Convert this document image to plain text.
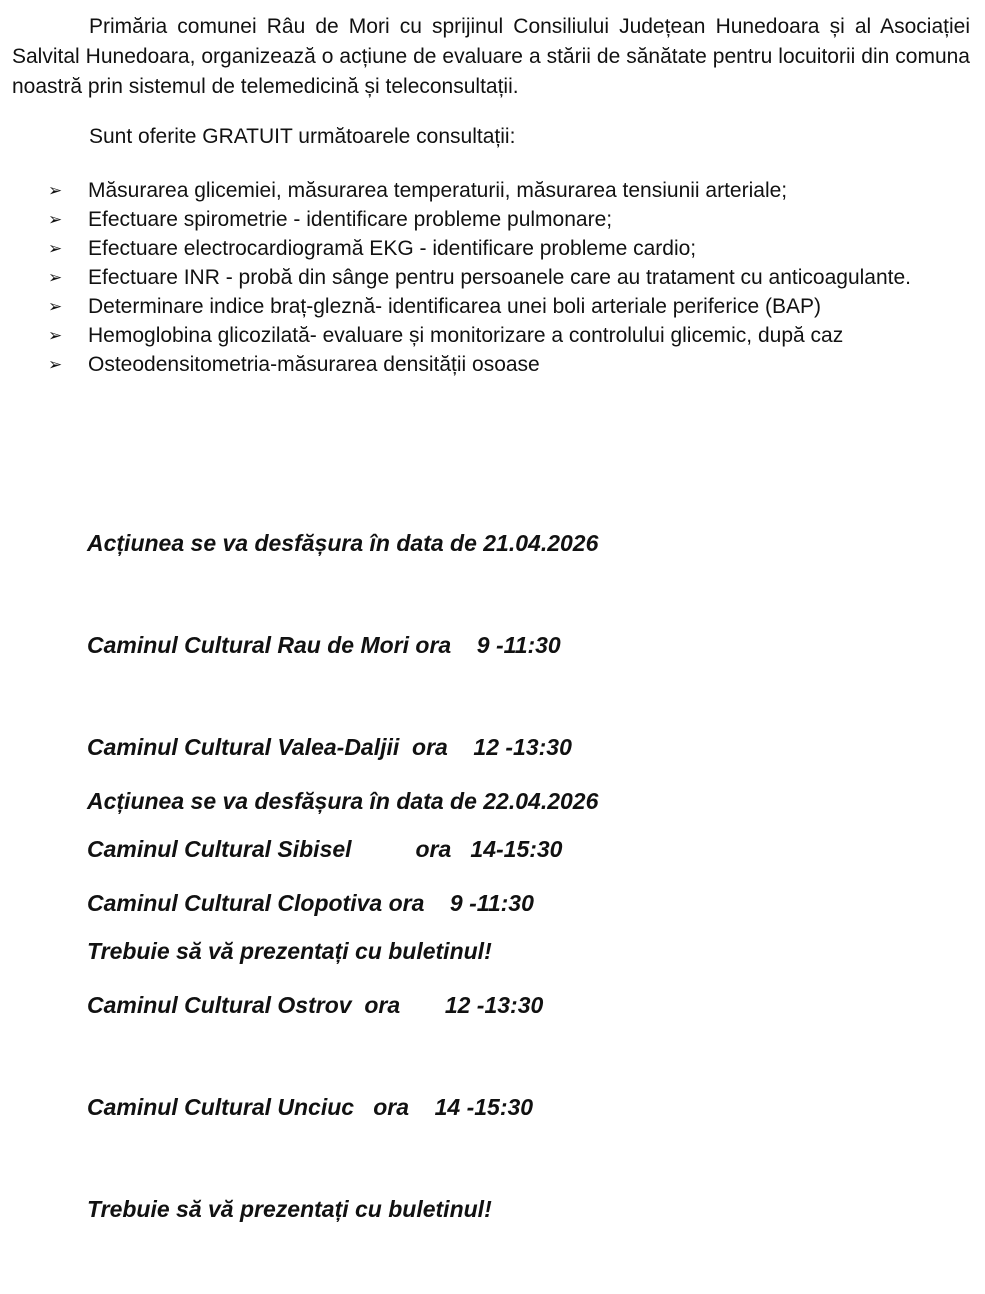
Primăria comunei Râu de Mori cu sprijinul Consiliului Județean Hunedoara și al Asociației Salvital Hunedoara, organizează o acțiune de evaluare a stării de sănătate pentru locuitorii din comuna noastră prin sistemul de telemedicină și teleconsultații.

Sunt oferite GRATUIT următoarele consultații:
➢ Măsurarea glicemiei, măsurarea temperaturii, măsurarea tensiunii arteriale;
➢ Efectuare spirometrie - identificare probleme pulmonare;
➢ Efectuare electrocardiogramă EKG - identificare probleme cardio;
➢ Efectuare INR - probă din sânge pentru persoanele care au tratament cu anticoagulante.
➢ Determinare indice braț-gleznă- identificarea unei boli arteriale periferice (BAP)
➢ Hemoglobina glicozilată- evaluare și monitorizare a controlului glicemic, după caz
➢ Osteodensitometria-măsurarea densității osoase

Acțiunea se va desfășura în data de 21.04.2026

Caminul Cultural Rau de Mori ora    9 -11:30

Caminul Cultural Valea-Daljii  ora    12 -13:30

Caminul Cultural Sibisel          ora   14-15:30

Trebuie să vă prezentați cu buletinul!

Acțiunea se va desfășura în data de 22.04.2026

Caminul Cultural Clopotiva ora    9 -11:30

Caminul Cultural Ostrov  ora       12 -13:30

Caminul Cultural Unciuc   ora    14 -15:30

Trebuie să vă prezentați cu buletinul!
